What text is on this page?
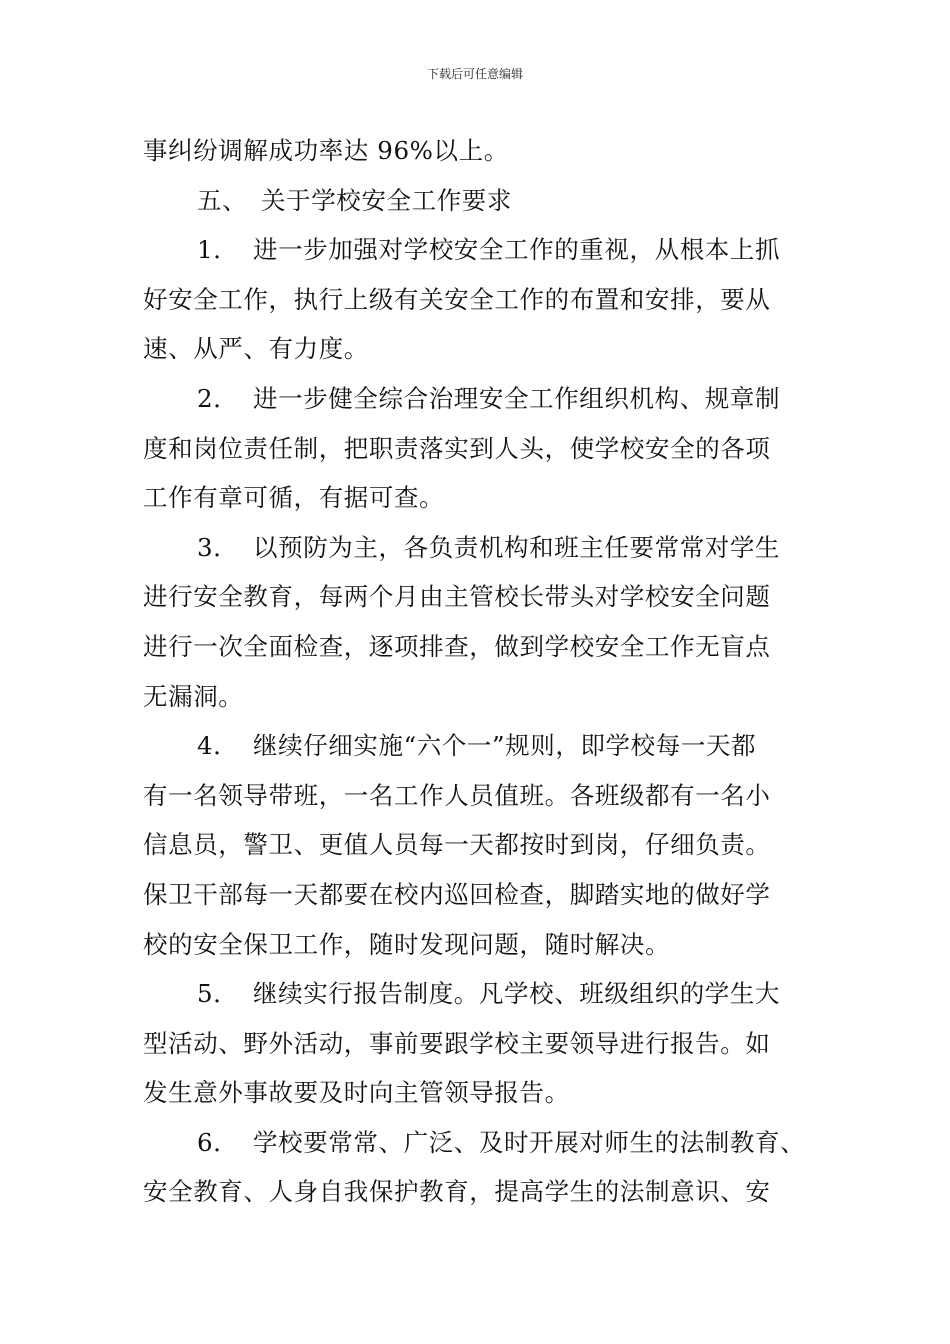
下载后可任意编辑
事纠纷调解成功率达 96%以上。
五、 关于学校安全工作要求
1． 进一步加强对学校安全工作的重视，从根本上抓
好安全工作，执行上级有关安全工作的布置和安排，要从
速、从严、有力度。
2． 进一步健全综合治理安全工作组织机构、规章制
度和岗位责任制，把职责落实到人头，使学校安全的各项
工作有章可循，有据可查。
3． 以预防为主，各负责机构和班主任要常常对学生
进行安全教育，每两个月由主管校长带头对学校安全问题
进行一次全面检查，逐项排查，做到学校安全工作无盲点
无漏洞。
4． 继续仔细实施“六个一”规则，即学校每一天都
有一名领导带班，一名工作人员值班。各班级都有一名小
信息员，警卫、更值人员每一天都按时到岗，仔细负责。
保卫干部每一天都要在校内巡回检查，脚踏实地的做好学
校的安全保卫工作，随时发现问题，随时解决。
5． 继续实行报告制度。凡学校、班级组织的学生大
型活动、野外活动，事前要跟学校主要领导进行报告。如
发生意外事故要及时向主管领导报告。
6． 学校要常常、广泛、及时开展对师生的法制教育、
安全教育、人身自我保护教育，提高学生的法制意识、安
